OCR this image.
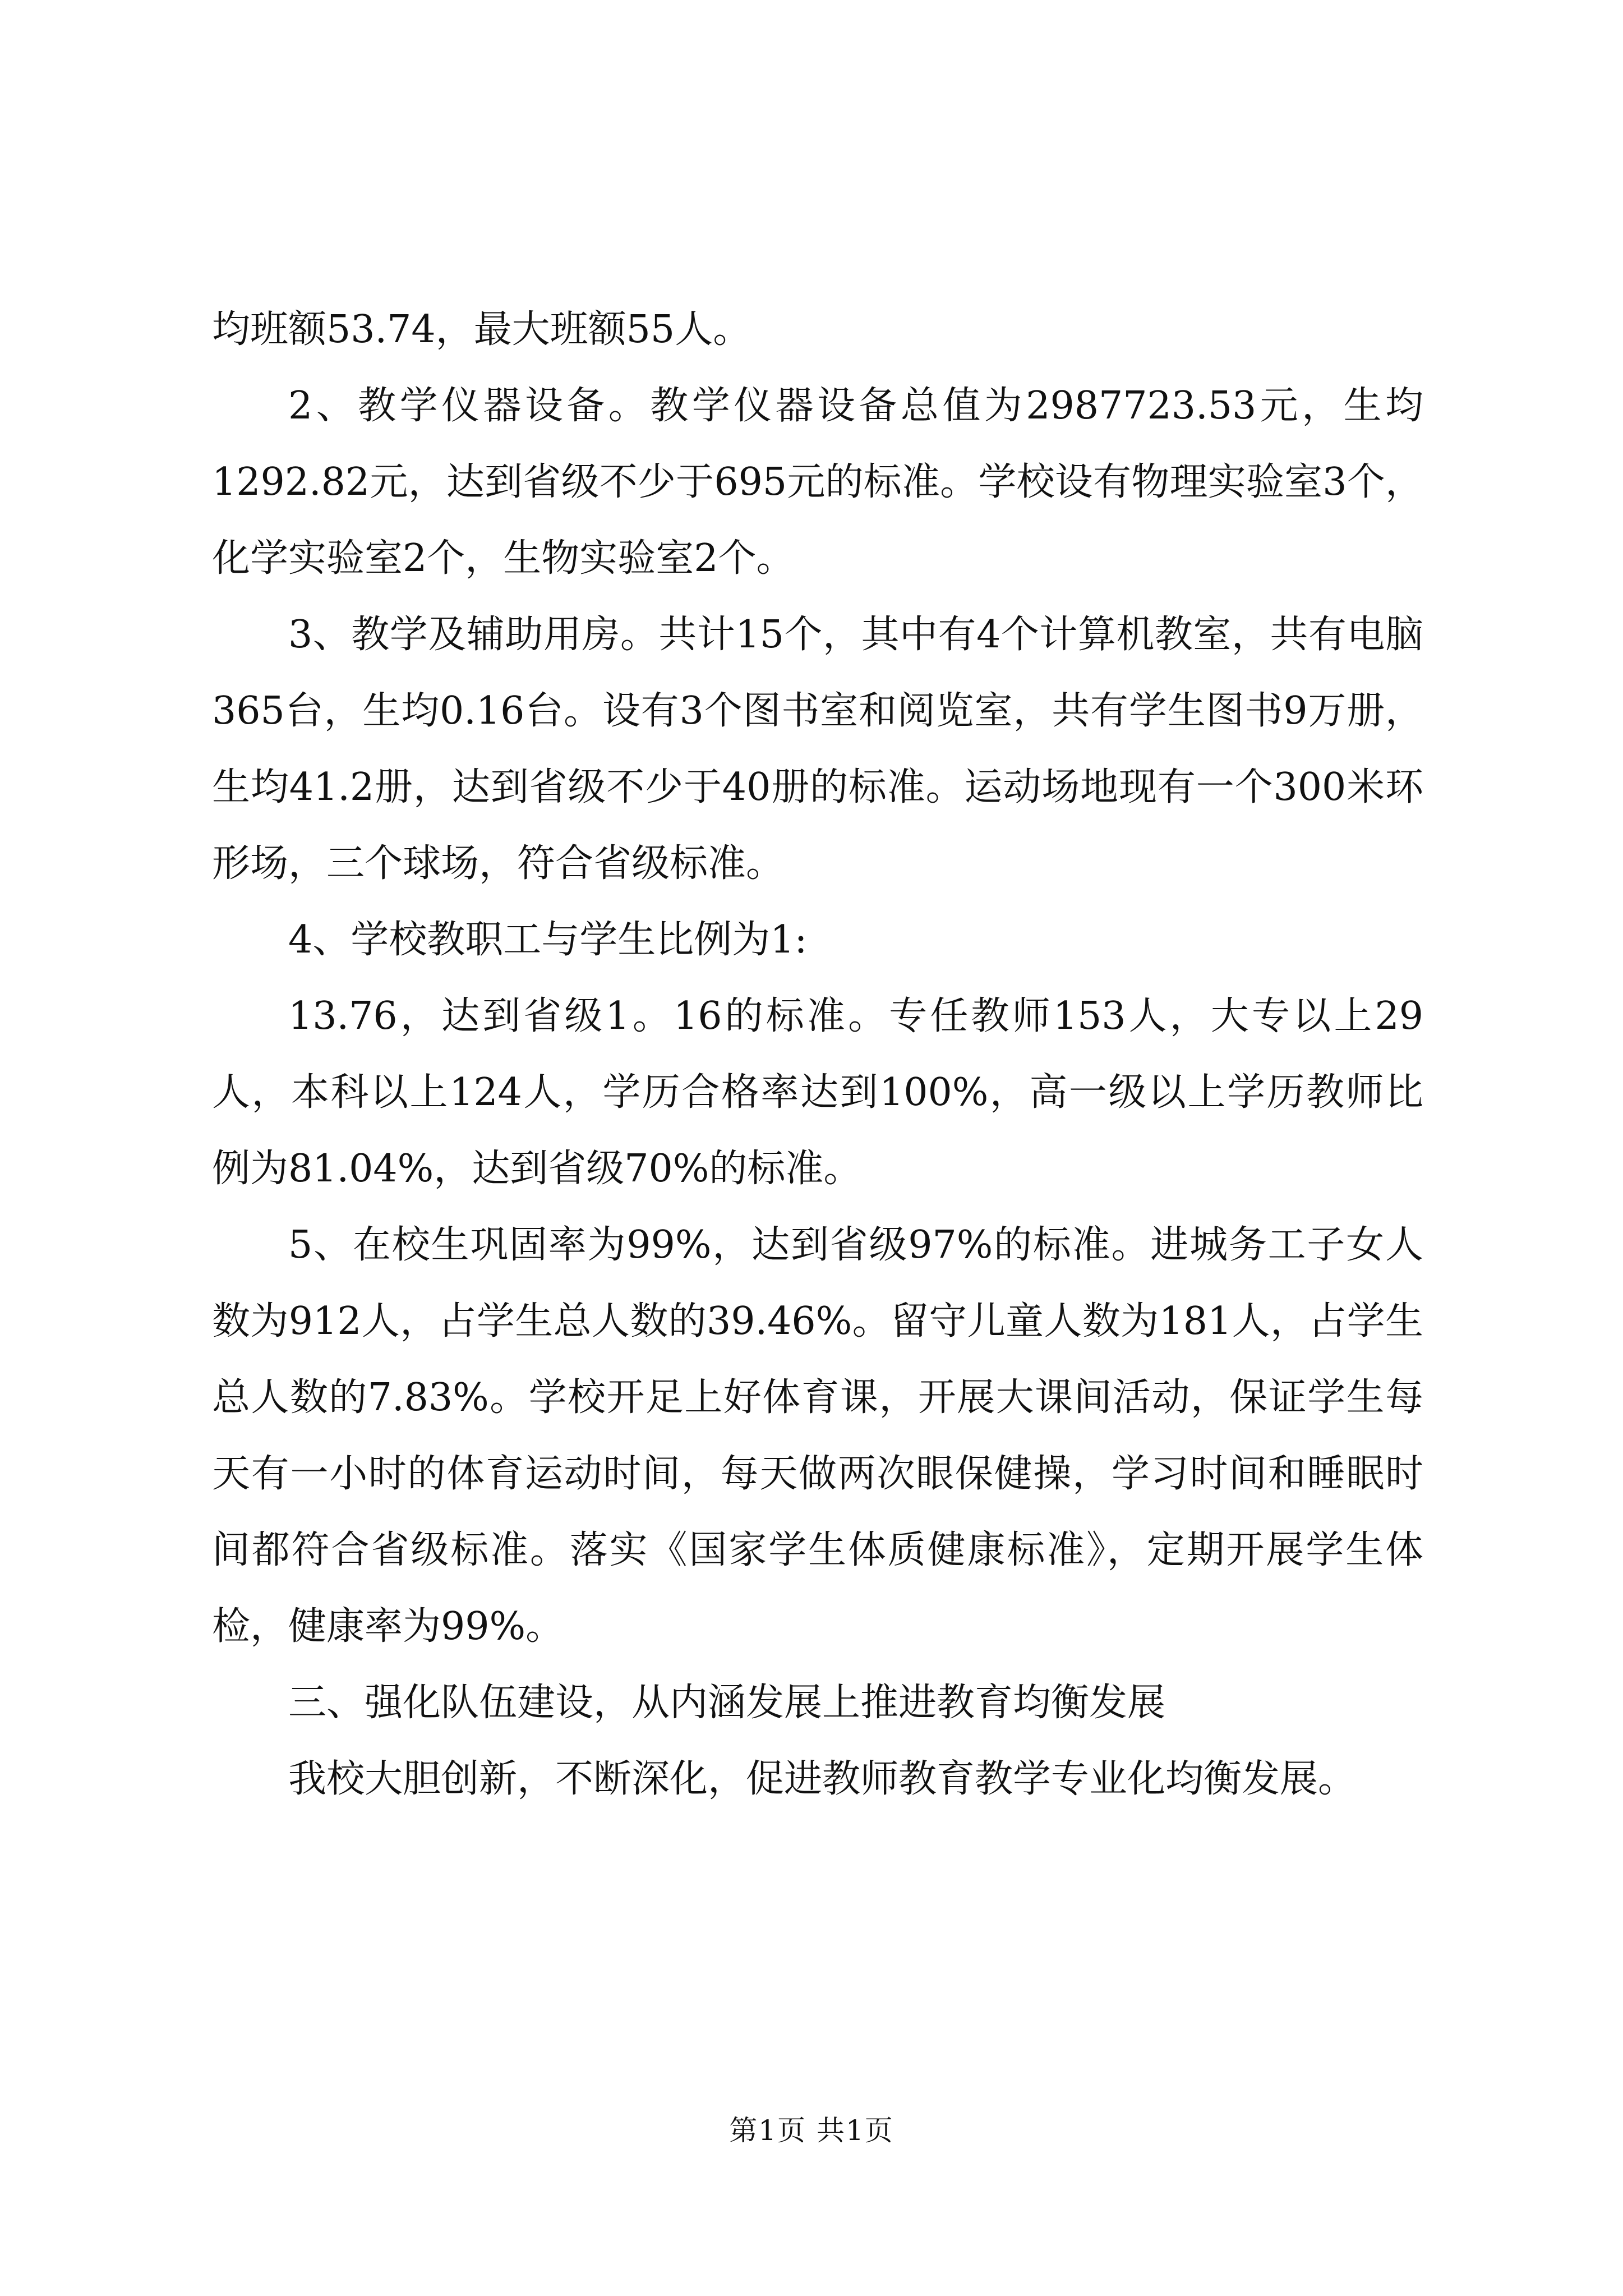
均班额53.74，最大班额55人。

2、教学仪器设备。教学仪器设备总值为2987723.53元，生均1292.82元，达到省级不少于695元的标准。学校设有物理实验室3个，化学实验室2个，生物实验室2个。

3、教学及辅助用房。共计15个，其中有4个计算机教室，共有电脑365台，生均0.16台。设有3个图书室和阅览室，共有学生图书9万册，生均41.2册，达到省级不少于40册的标准。运动场地现有一个300米环形场，三个球场，符合省级标准。

4、学校教职工与学生比例为1:

13.76，达到省级1。16的标准。专任教师153人，大专以上29人，本科以上124人，学历合格率达到100%，高一级以上学历教师比例为81.04%，达到省级70%的标准。

5、在校生巩固率为99%，达到省级97%的标准。进城务工子女人数为912人，占学生总人数的39.46%。留守儿童人数为181人，占学生总人数的7.83%。学校开足上好体育课，开展大课间活动，保证学生每天有一小时的体育运动时间，每天做两次眼保健操，学习时间和睡眠时间都符合省级标准。落实《国家学生体质健康标准》，定期开展学生体检，健康率为99%。

三、强化队伍建设，从内涵发展上推进教育均衡发展

我校大胆创新，不断深化，促进教师教育教学专业化均衡发展。

第1页 共1页
